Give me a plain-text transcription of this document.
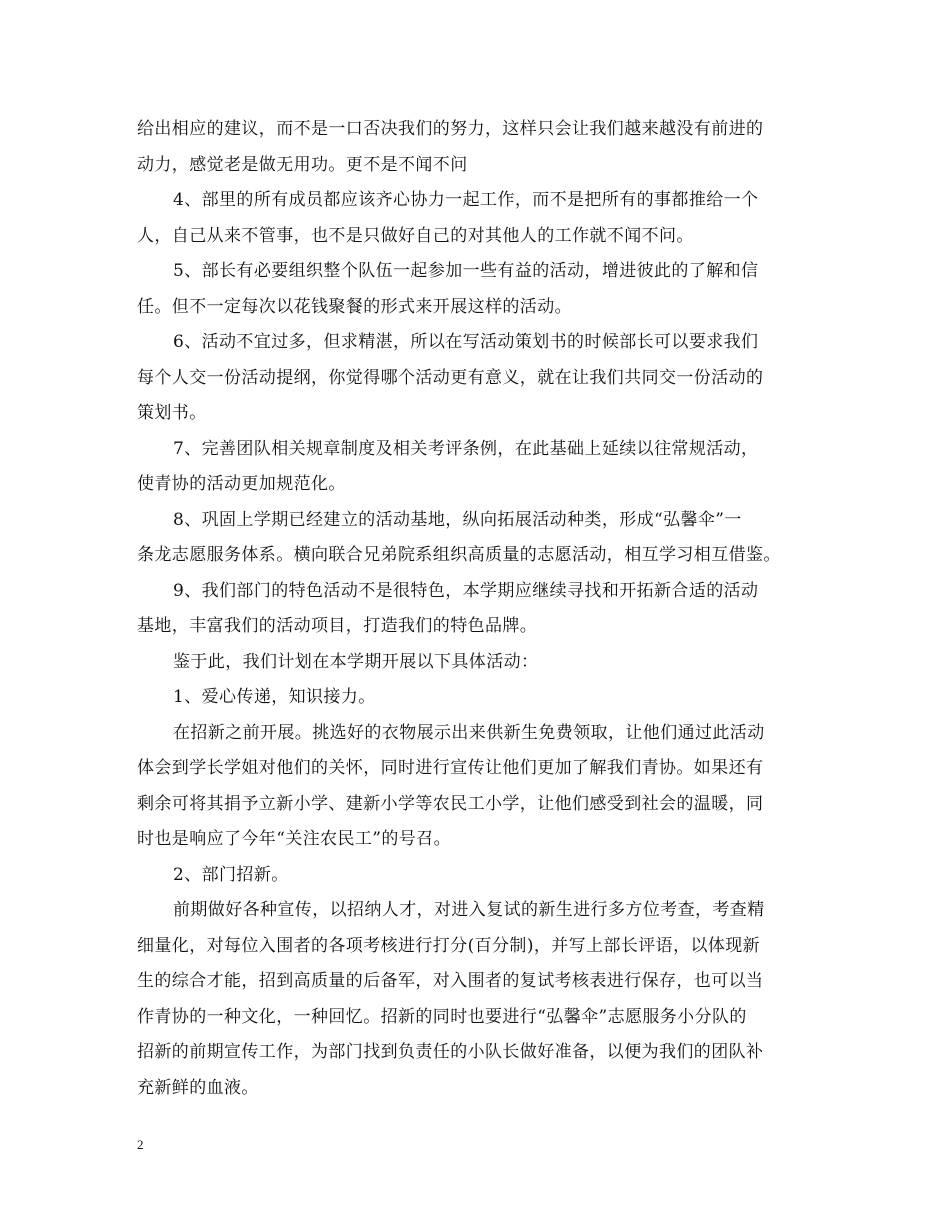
给出相应的建议，而不是一口否决我们的努力，这样只会让我们越来越没有前进的
动力，感觉老是做无用功。更不是不闻不问
4、部里的所有成员都应该齐心协力一起工作，而不是把所有的事都推给一个
人，自己从来不管事，也不是只做好自己的对其他人的工作就不闻不问。
5、部长有必要组织整个队伍一起参加一些有益的活动，增进彼此的了解和信
任。但不一定每次以花钱聚餐的形式来开展这样的活动。
6、活动不宜过多，但求精湛，所以在写活动策划书的时候部长可以要求我们
每个人交一份活动提纲，你觉得哪个活动更有意义，就在让我们共同交一份活动的
策划书。
7、完善团队相关规章制度及相关考评条例，在此基础上延续以往常规活动，
使青协的活动更加规范化。
8、巩固上学期已经建立的活动基地，纵向拓展活动种类，形成“弘馨伞”一
条龙志愿服务体系。横向联合兄弟院系组织高质量的志愿活动，相互学习相互借鉴。
9、我们部门的特色活动不是很特色，本学期应继续寻找和开拓新合适的活动
基地，丰富我们的活动项目，打造我们的特色品牌。
鉴于此，我们计划在本学期开展以下具体活动：
1、爱心传递，知识接力。
在招新之前开展。挑选好的衣物展示出来供新生免费领取，让他们通过此活动
体会到学长学姐对他们的关怀，同时进行宣传让他们更加了解我们青协。如果还有
剩余可将其捐予立新小学、建新小学等农民工小学，让他们感受到社会的温暖，同
时也是响应了今年“关注农民工”的号召。
2、部门招新。
前期做好各种宣传，以招纳人才，对进入复试的新生进行多方位考查，考查精
细量化，对每位入围者的各项考核进行打分(百分制)，并写上部长评语，以体现新
生的综合才能，招到高质量的后备军，对入围者的复试考核表进行保存，也可以当
作青协的一种文化，一种回忆。招新的同时也要进行“弘馨伞”志愿服务小分队的
招新的前期宣传工作，为部门找到负责任的小队长做好准备，以便为我们的团队补
充新鲜的血液。
2
